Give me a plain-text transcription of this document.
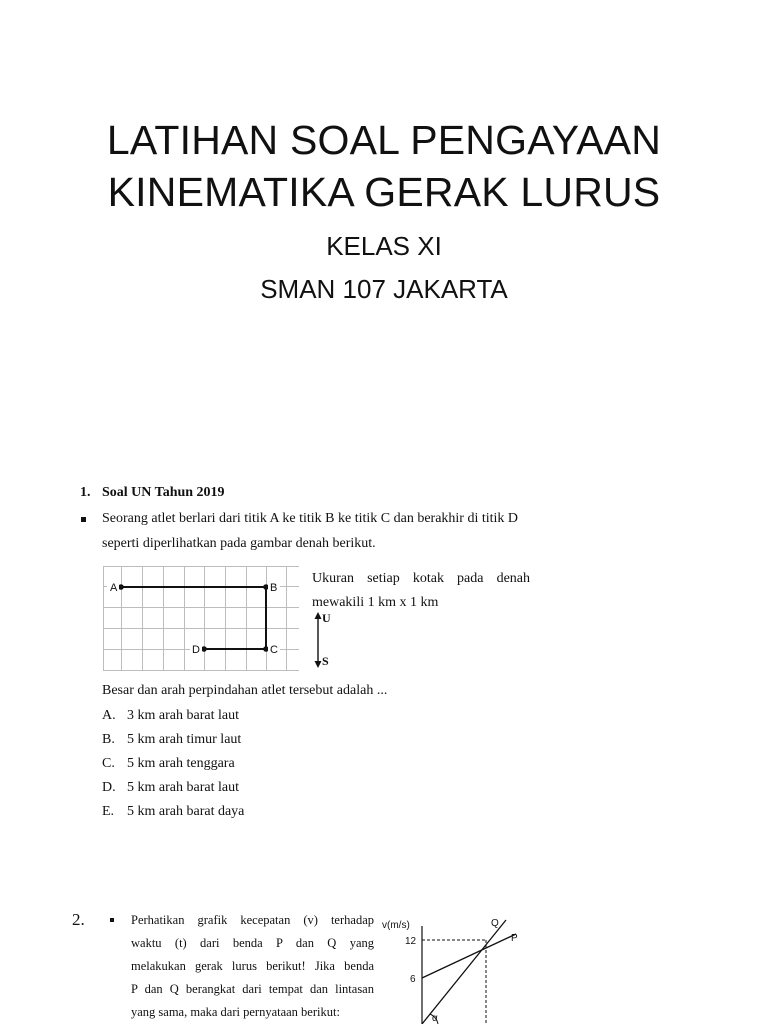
LATIHAN SOAL PENGAYAAN
KINEMATIKA GERAK LURUS
KELAS XI
SMAN 107 JAKARTA
1. Soal UN Tahun 2019
Seorang atlet berlari dari titik A ke titik B ke titik C dan berakhir di titik D
seperti diperlihatkan pada gambar denah berikut.
A	B
C
D
Ukuran setiap kotak pada denah
mewakili 1 km x 1 km
U
S
Besar dan arah perpindahan atlet tersebut adalah ...
A. 3 km arah barat laut
B. 5 km arah timur laut
C. 5 km arah tenggara
D. 5 km arah barat laut
E. 5 km arah barat daya
2.	Perhatikan grafik kecepatan (v) terhadap
waktu (t) dari benda P dan Q yang
melakukan gerak lurus berikut! Jika benda
P dan Q berangkat dari tempat dan lintasan
yang sama, maka dari pernyataan berikut:
v(m/s)
12
6
Q
P
α
